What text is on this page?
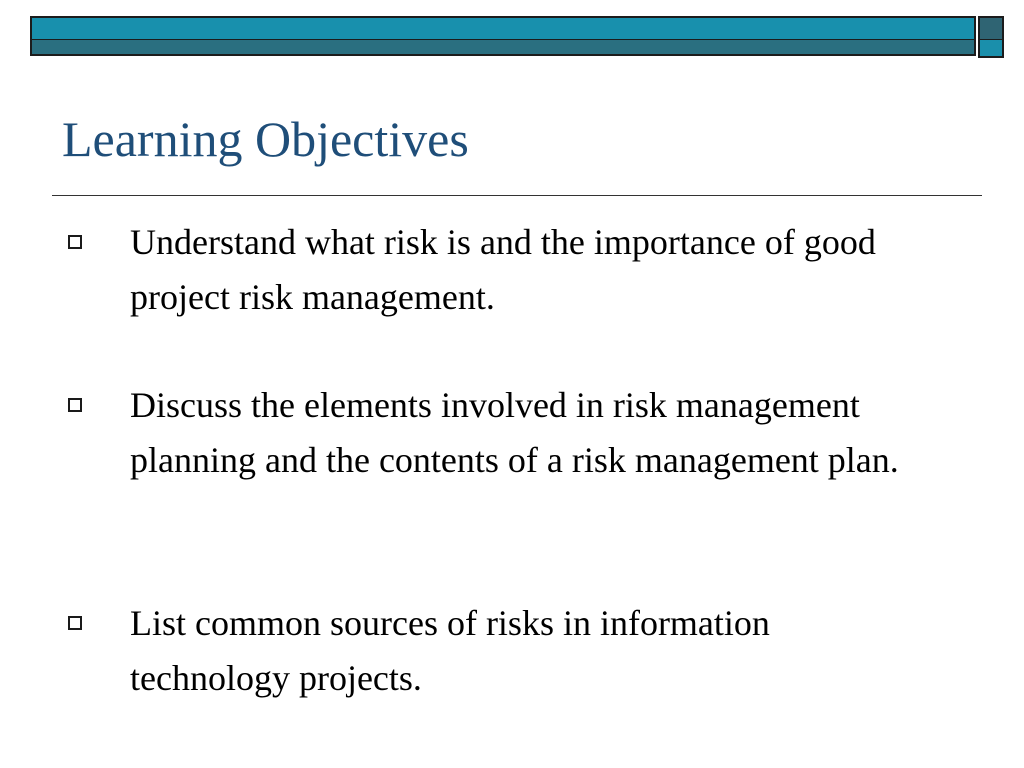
Learning Objectives
Understand what risk is and the importance of good project risk management.
Discuss the elements involved in risk management planning and the contents of a risk management plan.
List common sources of risks in information technology projects.
